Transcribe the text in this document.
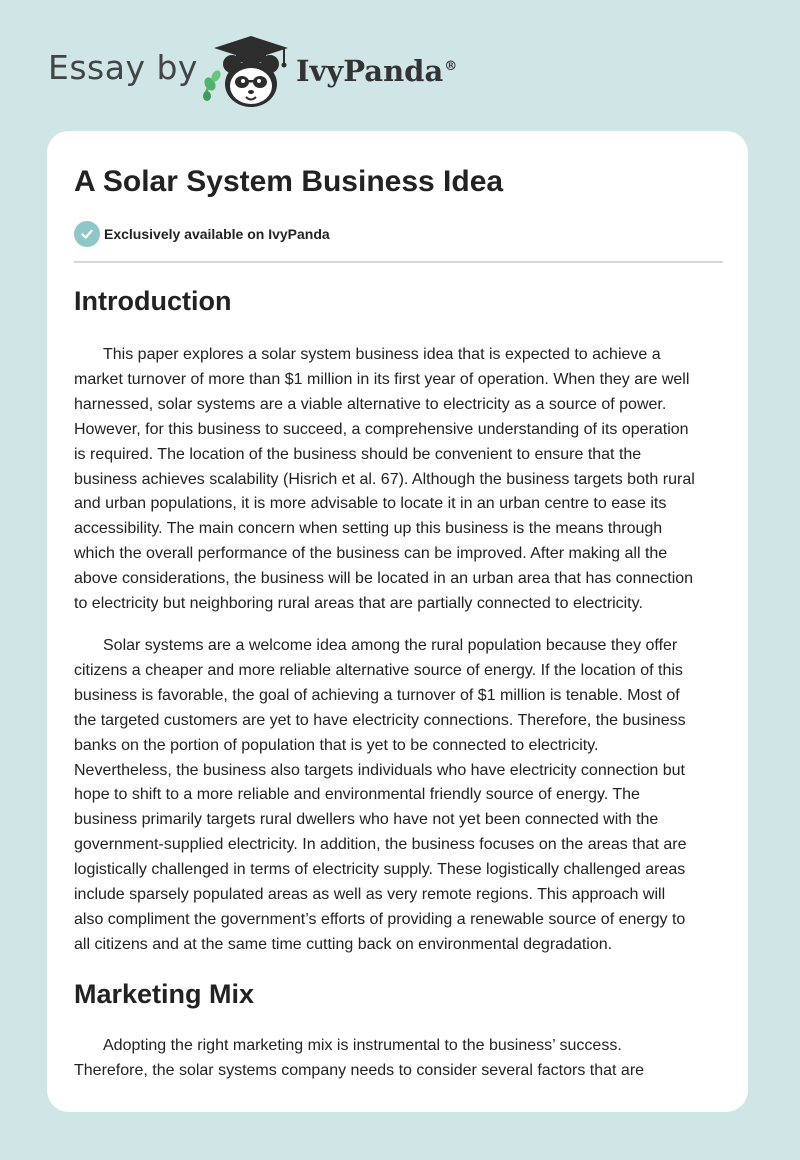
Essay by	IvyPanda®
A Solar System Business Idea
Exclusively available on IvyPanda
Introduction

This paper explores a solar system business idea that is expected to achieve a
market turnover of more than $1 million in its first year of operation. When they are well
harnessed, solar systems are a viable alternative to electricity as a source of power.
However, for this business to succeed, a comprehensive understanding of its operation
is required. The location of the business should be convenient to ensure that the
business achieves scalability (Hisrich et al. 67). Although the business targets both rural
and urban populations, it is more advisable to locate it in an urban centre to ease its
accessibility. The main concern when setting up this business is the means through
which the overall performance of the business can be improved. After making all the
above considerations, the business will be located in an urban area that has connection
to electricity but neighboring rural areas that are partially connected to electricity.

Solar systems are a welcome idea among the rural population because they offer
citizens a cheaper and more reliable alternative source of energy. If the location of this
business is favorable, the goal of achieving a turnover of $1 million is tenable. Most of
the targeted customers are yet to have electricity connections. Therefore, the business
banks on the portion of population that is yet to be connected to electricity.
Nevertheless, the business also targets individuals who have electricity connection but
hope to shift to a more reliable and environmental friendly source of energy. The
business primarily targets rural dwellers who have not yet been connected with the
government-supplied electricity. In addition, the business focuses on the areas that are
logistically challenged in terms of electricity supply. These logistically challenged areas
include sparsely populated areas as well as very remote regions. This approach will
also compliment the government’s efforts of providing a renewable source of energy to
all citizens and at the same time cutting back on environmental degradation.

Marketing Mix

Adopting the right marketing mix is instrumental to the business’ success.
Therefore, the solar systems company needs to consider several factors that are
